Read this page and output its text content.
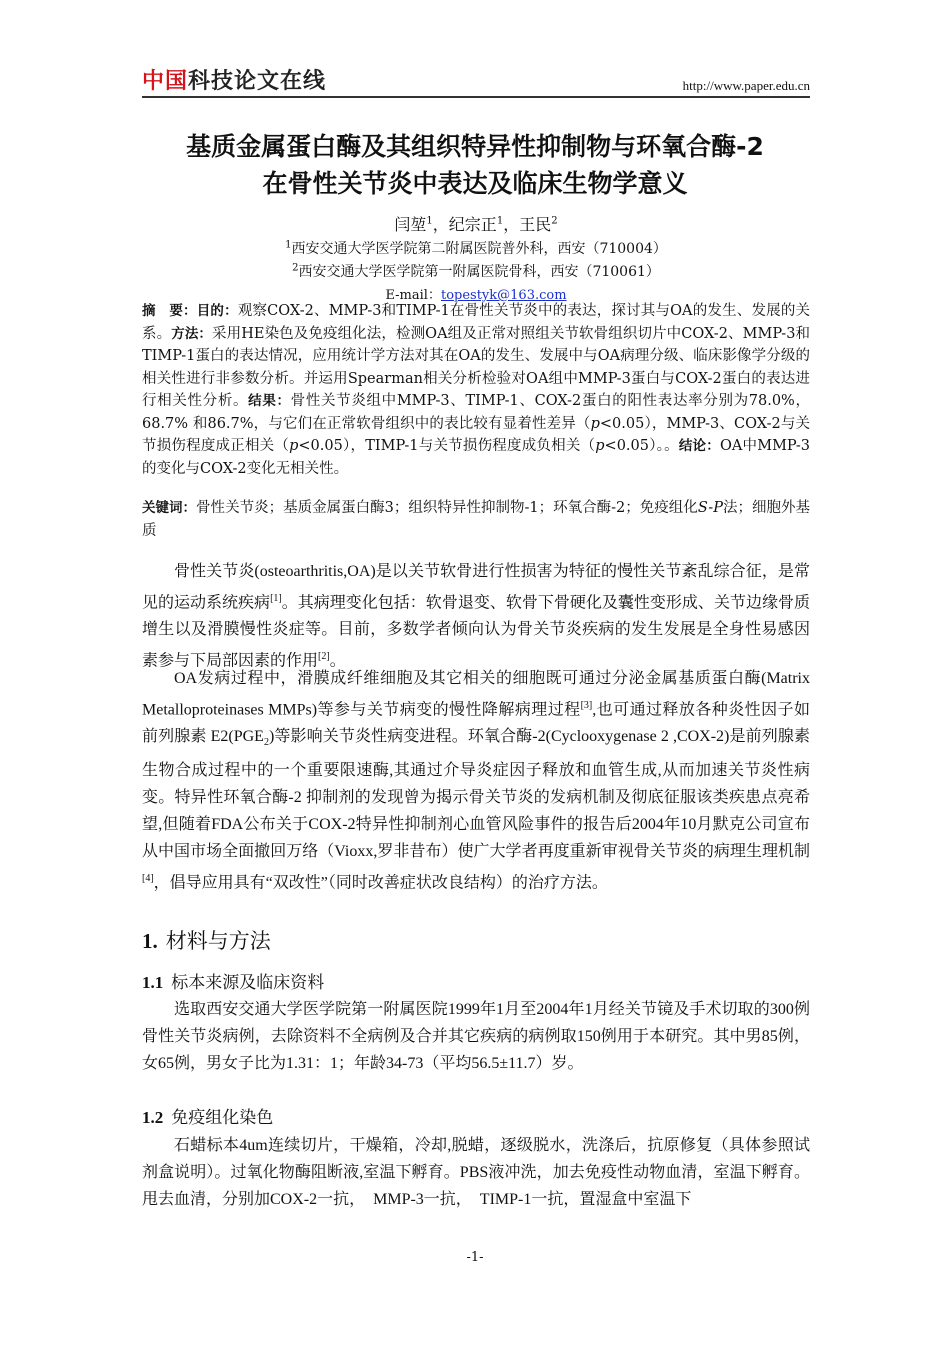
中国科技论文在线	http://www.paper.edu.cn
基质金属蛋白酶及其组织特异性抑制物与环氧合酶-2
在骨性关节炎中表达及临床生物学意义
闫堃$^1$，纪宗正$^1$，王民$^2$
$^1$西安交通大学医学院第二附属医院普外科，西安（710004）
$^2$西安交通大学医学院第一附属医院骨科，西安（710061）
E-mail：topestyk@163.com
摘　要：目的：观察COX-2、MMP-3和TIMP-1在骨性关节炎中的表达，探讨其与OA的发生、发展的关系。方法：采用HE染色及免疫组化法，检测OA组及正常对照组关节软骨组织切片中COX-2、MMP-3和TIMP-1蛋白的表达情况，应用统计学方法对其在OA的发生、发展中与OA病理分级、临床影像学分级的相关性进行非参数分析。并运用Spearman相关分析检验对OA组中MMP-3蛋白与COX-2蛋白的表达进行相关性分析。结果：骨性关节炎组中MMP-3、TIMP-1、COX-2蛋白的阳性表达率分别为78.0%，68.7% 和86.7%，与它们在正常软骨组织中的表比较有显着性差异（p<0.05），MMP-3、COX-2与关节损伤程度成正相关（p<0.05），TIMP-1与关节损伤程度成负相关（p<0.05）。。结论：OA中MMP-3的变化与COX-2变化无相关性。
关键词：骨性关节炎；基质金属蛋白酶3；组织特异性抑制物-1；环氧合酶-2；免疫组化S-P法；细胞外基质
骨性关节炎(osteoarthritis,OA)是以关节软骨进行性损害为特征的慢性关节紊乱综合征，是常见的运动系统疾病[1]。其病理变化包括：软骨退变、软骨下骨硬化及囊性变形成、关节边缘骨质增生以及滑膜慢性炎症等。目前，多数学者倾向认为骨关节炎疾病的发生发展是全身性易感因素参与下局部因素的作用[2]。
OA发病过程中，滑膜成纤维细胞及其它相关的细胞既可通过分泌金属基质蛋白酶(Matrix Metalloproteinases MMPs)等参与关节病变的慢性降解病理过程[3],也可通过释放各种炎性因子如前列腺素 $E2(PGE_2)$等影响关节炎性病变进程。环氧合酶-2(Cyclooxygenase 2 ,COX-2)是前列腺素生物合成过程中的一个重要限速酶,其通过介导炎症因子释放和血管生成,从而加速关节炎性病变。特异性环氧合酶-2 抑制剂的发现曾为揭示骨关节炎的发病机制及彻底征服该类疾患点亮希望,但随着FDA公布关于COX-2特异性抑制剂心血管风险事件的报告后2004年10月默克公司宣布从中国市场全面撤回万络（Vioxx,罗非昔布）使广大学者再度重新审视骨关节炎的病理生理机制[4]，倡导应用具有“双改性”（同时改善症状改良结构）的治疗方法。
1. 材料与方法
1.1 标本来源及临床资料
选取西安交通大学医学院第一附属医院1999年1月至2004年1月经关节镜及手术切取的300例骨性关节炎病例，去除资料不全病例及合并其它疾病的病例取150例用于本研究。其中男85例，女65例，男女子比为1.31：1；年龄34-73（平均56.5±11.7）岁。
1.2 免疫组化染色
石蜡标本4um连续切片，干燥箱，冷却,脱蜡，逐级脱水，洗涤后，抗原修复（具体参照试剂盒说明）。过氧化物酶阻断液,室温下孵育。PBS液冲洗，加去免疫性动物血清，室温下孵育。甩去血清，分别加COX-2一抗，　MMP-3一抗，　TIMP-1一抗，置湿盒中室温下
-1-
